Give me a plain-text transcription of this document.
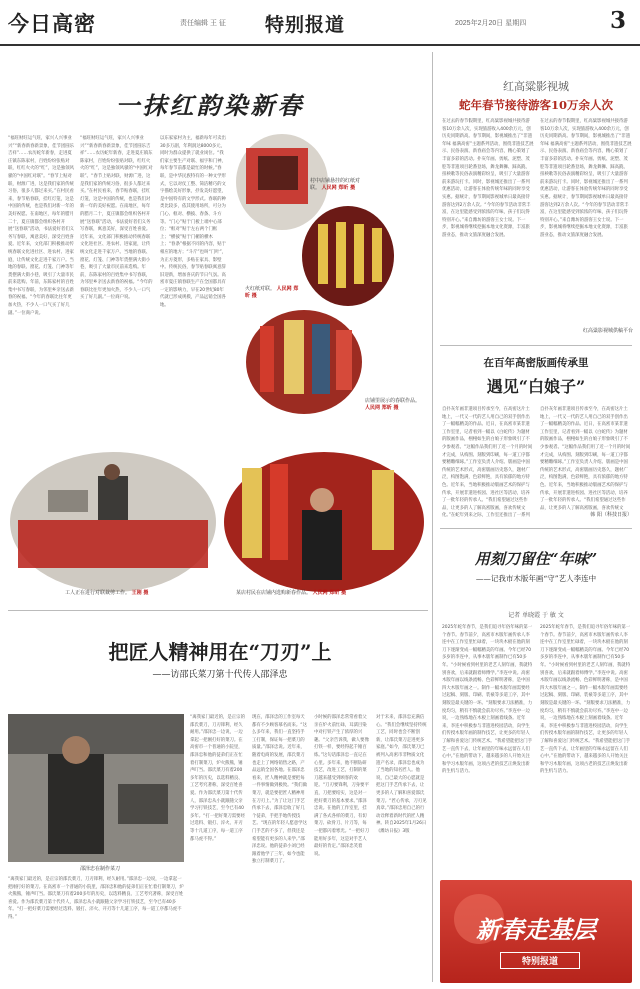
今日高密	责任编辑 王 征 特别报道	2025年2月20日 星期四	3
一抹红韵染新春
“福旺财旺运气旺，家兴人兴事业兴”“新春新春新景象，佳节团圆乐吉祥”……农历蛇年新春，走进夏庄镇东陈家村，百姓纷纷张贴对联，红红火火的“红”，这是独领风骚的“中国红对联”。“春节上贴对联，财源广进，这是我们家的传统习俗，很多人都过来买。”在村民看来，春节贴春联，挂红灯笼，这是中国的传统，也是我们对新一年的美好祝愿。在南地区，每年的腊月二十，夏庄镇都会组织各村开展“送春联”活动，书法爱好者们义务写春联，寓意美好，深受百姓喜爱。近年来，文化部门积极推动传统春联文化进社区、进农村、进家庭，让传统文化走进千家万户。当地的春联、窗花、灯笼、门神等年货摆满大街小巷，吸引了大量市民前来选购。年前，东陈家村的百姓集中书写春联，为邻里乡亲送去新春的祝福。“今年的春联比往年更加火热，不少人一口气买了好几副。”一位商户说。
“福旺财旺运气旺，家兴人兴事业兴”“新春新春新景象，佳节团圆乐吉祥”……农历蛇年新春，走进夏庄镇东陈家村，百姓纷纷张贴对联，红红火火的“红”，这是独领风骚的“中国红对联”。“春节上贴对联，财源广进，这是我们家的传统习俗，很多人都过来买。”在村民看来，春节贴春联，挂红灯笼，这是中国的传统，也是我们对新一年的美好祝愿。在南地区，每年的腊月二十，夏庄镇都会组织各村开展“送春联”活动，书法爱好者们义务写春联，寓意美好，深受百姓喜爱。近年来，文化部门积极推动传统春联文化进社区、进农村、进家庭，让传统文化走进千家万户。当地的春联、窗花、灯笼、门神等年货摆满大街小巷，吸引了大量市民前来选购。年前，东陈家村的百姓集中书写春联，为邻里乡亲送去新春的祝福。“今年的春联比往年更加火热，不少人一口气买了好几副。”一位商户说。
以东家家村为主，福新每年可卖出30多万副，年利润达8000多元，同时为群众提供了就业岗位。“我们家主要生产对联、福字和门神，每年春节前都是最忙的时候。”春联，是中华民族特有的一种文学形式，它以对仗工整、简洁精巧的文字描绘美好形象，抒发美好愿望，是中国特有的文学形式。春联的种类比较多，依其使用场所，可分为门心、框对、横披、春条、斗方等。“门心”贴于门板上端中心部位；“框对”贴于左右两个门框上；“横披”贴于门楣的横木上；“春条”根据不同的内容，贴于相应的地方；“斗斤”也叫“门叶”，为正方菱形，多贴在家具、影壁中。传统民俗，春节贴春联寓意辞旧迎新，增加喜庆的节日气氛。高密市夏庄镇春联生产在全国都具有一定的影响力，早在20世纪80年代就已形成规模，产品远销全国各地。
村中店铺悬挂的红纸对联。 人民网 郑昕 摄
火红纸对联。 人民网 郑昕 摄
店铺里展示的春联作品。 人民网 郑昕 摄
工人正在进行对联裁剪工作。 王刚 摄	某店村民在店铺内选购新春作品。 人民网 郑昕 摄
把匠人精神用在“刀刃”上
——访邵氏菜刀第十代传人邵泽忠
邵泽忠在制作菜刀
“离我家门最近的，是正宗的邵氏菜刀，刀刃锋利，经久耐用。”邵泽忠一边说，一边拿起一把刚打好的菜刀。在高密市一个普通的小院里，邵泽忠和他的徒弟们正在忙着打制菜刀，炉火熊熊，锤声叮当。邵氏菜刀有着200多年的历史，以选料精良、工艺考究著称，深受百姓喜爱。作为邵氏菜刀第十代传人，邵泽忠从小就跟随父亲学习打铁技艺，至今已有40多年。“打一把好菜刀需要经过选料、锻打、淬火、开刃等十几道工序，每一道工序都马虎不得。”
现在，邵泽忠的工作室每天都有不少顾客慕名而来。“这么多年来，我们一直坚持手工打制，保证每一把菜刀的质量。”邵泽忠说。近年来，随着电商的发展，邵氏菜刀也走上了网络销售之路，产品远销全国各地。在邵泽忠看来，匠人精神就是要把每一件事情做到极致。“我们做菜刀，就是要把匠人精神用在刀刃上。”为了让这门手艺传承下去，邵泽忠收了好几个徒弟，手把手地传授技艺。“现在的年轻人愿意学这门手艺的不多了，但我还是希望能有更多的人来学。”邵泽忠说。他的徒弟小刘已经跟着他学了三年，如今也能独立打制菜刀了。
小时候的邵泽忠常常看着父亲在炉火前忙碌，耳濡目染中对打铁产生了浓厚的兴趣。“父亲告诉我，做人要像打铁一样，要经得起千锤百炼。”这句话邵泽忠一直记在心里。多年来，他不断钻研技艺，改进工艺，打制的菜刀越来越受到顾客的欢迎。“刀刃要锋利，刀身要平直，刀把要结实，这是对一把好菜刀的基本要求。”邵泽忠说。在他的工作室里，挂满了各式各样的菜刀，有切菜刀、砍骨刀、片刀等，每一把都闪着寒光。“一把好刀能用好多年，这是对手艺人最好的肯定。”邵泽忠笑着说。
对于未来，邵泽忠充满信心。“我们会继续坚持传统工艺，同时也会不断创新，让邵氏菜刀走进更多家庭。”如今，邵氏菜刀已被列入高密市非物质文化遗产名录，邵泽忠也成为了当地的知名匠人。他说，自己最大的心愿就是把这门手艺传承下去，让更多的人了解和喜爱邵氏菜刀。“匠心传承，刀刃见真章。”邵泽忠用自己的行动诠释着新时代的匠人精神。转自2025年1月26日《潍坊日报》3版
“离我家门最近的，是正宗的邵氏菜刀，刀刃锋利，经久耐用。”邵泽忠一边说，一边拿起一把刚打好的菜刀。在高密市一个普通的小院里，邵泽忠和他的徒弟们正在忙着打制菜刀，炉火熊熊，锤声叮当。邵氏菜刀有着200多年的历史，以选料精良、工艺考究著称，深受百姓喜爱。作为邵氏菜刀第十代传人，邵泽忠从小就跟随父亲学习打铁技艺，至今已有40多年。“打一把好菜刀需要经过选料、锻打、淬火、开刃等十几道工序，每一道工序都马虎不得。”
红高粱影视城
蛇年春节接待游客10万余人次
在过去的春节假期里，红高粱影视城共接待游客10万余人次，实现旅游收入400余万元，创历史同期新高。春节期间，影视城推出了“非遗年味 福满高密”主题系列活动，围绕非遗技艺展示、民俗表演、新春庙会等内容，精心策划了丰富多彩的活动。扑灰年画、剪纸、泥塑、茂腔等非遗项目轮番登场，舞龙舞狮、踩高跷、扭秧歌等民俗表演精彩纷呈，吸引了大量游客前来游玩打卡。同时，影视城还推出了一系列优惠活动，让游客在体验传统年味的同时享受实惠。据统计，春节期间影视城单日最高接待游客达到2万余人次。“今年的春节活动非常丰富，在这里能感受到浓浓的年味，孩子们玩得特别开心。”来自潍坊的游客王女士说。下一步，影视城将继续挖掘本地文化资源，丰富旅游业态，推动文旅深度融合发展。
在过去的春节假期里，红高粱影视城共接待游客10万余人次，实现旅游收入400余万元，创历史同期新高。春节期间，影视城推出了“非遗年味 福满高密”主题系列活动，围绕非遗技艺展示、民俗表演、新春庙会等内容，精心策划了丰富多彩的活动。扑灰年画、剪纸、泥塑、茂腔等非遗项目轮番登场，舞龙舞狮、踩高跷、扭秧歌等民俗表演精彩纷呈，吸引了大量游客前来游玩打卡。同时，影视城还推出了一系列优惠活动，让游客在体验传统年味的同时享受实惠。据统计，春节期间影视城单日最高接待游客达到2万余人次。“今年的春节活动非常丰富，在这里能感受到浓浓的年味，孩子们玩得特别开心。”来自潍坊的游客王女士说。下一步，影视城将继续挖掘本地文化资源，丰富旅游业态，推动文旅深度融合发展。
红高粱影视城供稿平台
在百年高密版画传承里
遇见“白娘子”
自扑灰年画非遗项目传承至今，在高密这片土地上，一代又一代的艺人用自己的双手创作出了一幅幅精美的作品。近日，在高密市某非遗工作室里，记者看到一幅以《白蛇传》为题材的版画作品，栩栩如生的白娘子形象吸引了不少参观者。“这幅作品我们用了近一个月的时间才完成，从构图、刻版到印刷，每一道工序都要精雕细琢。”工作室负责人介绍。版画是中国传统的艺术形式，高密版画历史悠久，题材广泛，构图饱满，色彩鲜艳，具有浓郁的地方特色。近年来，当地积极推动版画艺术的保护与传承，开展非遗进校园、进社区等活动，培养了一批年轻的传承人。“我们希望通过这些作品，让更多的人了解高密版画，喜欢传统文化。”在蛇年到来之际，工作室还推出了一系列
自扑灰年画非遗项目传承至今，在高密这片土地上，一代又一代的艺人用自己的双手创作出了一幅幅精美的作品。近日，在高密市某非遗工作室里，记者看到一幅以《白蛇传》为题材的版画作品，栩栩如生的白娘子形象吸引了不少参观者。“这幅作品我们用了近一个月的时间才完成，从构图、刻版到印刷，每一道工序都要精雕细琢。”工作室负责人介绍。版画是中国传统的艺术形式，高密版画历史悠久，题材广泛，构图饱满，色彩鲜艳，具有浓郁的地方特色。近年来，当地积极推动版画艺术的保护与传承，开展非遗进校园、进社区等活动，培养了一批年轻的传承人。“我们希望通过这些作品，让更多的人了解高密版画，喜欢传统文
韩 阳（科技日报）
用刻刀留住“年味”
——记我市木版年画“守”艺人李连中
记者 单晓霞 于 敏 文
2025年蛇年春节，是我们追寻年俗年味的第一个春节。春节前夕，高密市木版年画传承人李连中在工作室里忙碌着，一块块木板在他的刻刀下逐渐变成一幅幅精美的年画。今年已经70多岁的李连中，从事木版年画制作已有50多年。“小时候看到村里的老艺人刻年画，我就特别喜欢，后来就跟着师傅学。”李连中说。高密木版年画以线条流畅、色彩鲜明著称，是中国四大木版年画之一。制作一幅木版年画需要经过起稿、刻版、印刷、装裱等多道工序，其中刻版是最关键的一环。“刻版要求刀法精准，力度均匀，稍有不慎就会前功尽弃。”李连中一边说，一边熟练地在木板上刻画着线条。近年来，李连中积极参与非遗进校园活动，向学生们传授木版年画的制作技艺，让更多的年轻人了解和喜爱这门传统艺术。“我希望能把这门手艺一直传下去，让年画里的年味永远留在人们心中。”在他的带动下，越来越多的人开始关注和学习木版年画，这项古老的技艺正焕发出新的生机与活力。
2025年蛇年春节，是我们追寻年俗年味的第一个春节。春节前夕，高密市木版年画传承人李连中在工作室里忙碌着，一块块木板在他的刻刀下逐渐变成一幅幅精美的年画。今年已经70多岁的李连中，从事木版年画制作已有50多年。“小时候看到村里的老艺人刻年画，我就特别喜欢，后来就跟着师傅学。”李连中说。高密木版年画以线条流畅、色彩鲜明著称，是中国四大木版年画之一。制作一幅木版年画需要经过起稿、刻版、印刷、装裱等多道工序，其中刻版是最关键的一环。“刻版要求刀法精准，力度均匀，稍有不慎就会前功尽弃。”李连中一边说，一边熟练地在木板上刻画着线条。近年来，李连中积极参与非遗进校园活动，向学生们传授木版年画的制作技艺，让更多的年轻人了解和喜爱这门传统艺术。“我希望能把这门手艺一直传下去，让年画里的年味永远留在人们心中。”在他的带动下，越来越多的人开始关注和学习木版年画，这项古老的技艺正焕发出新的生机与活力。
新春走基层
特别报道
